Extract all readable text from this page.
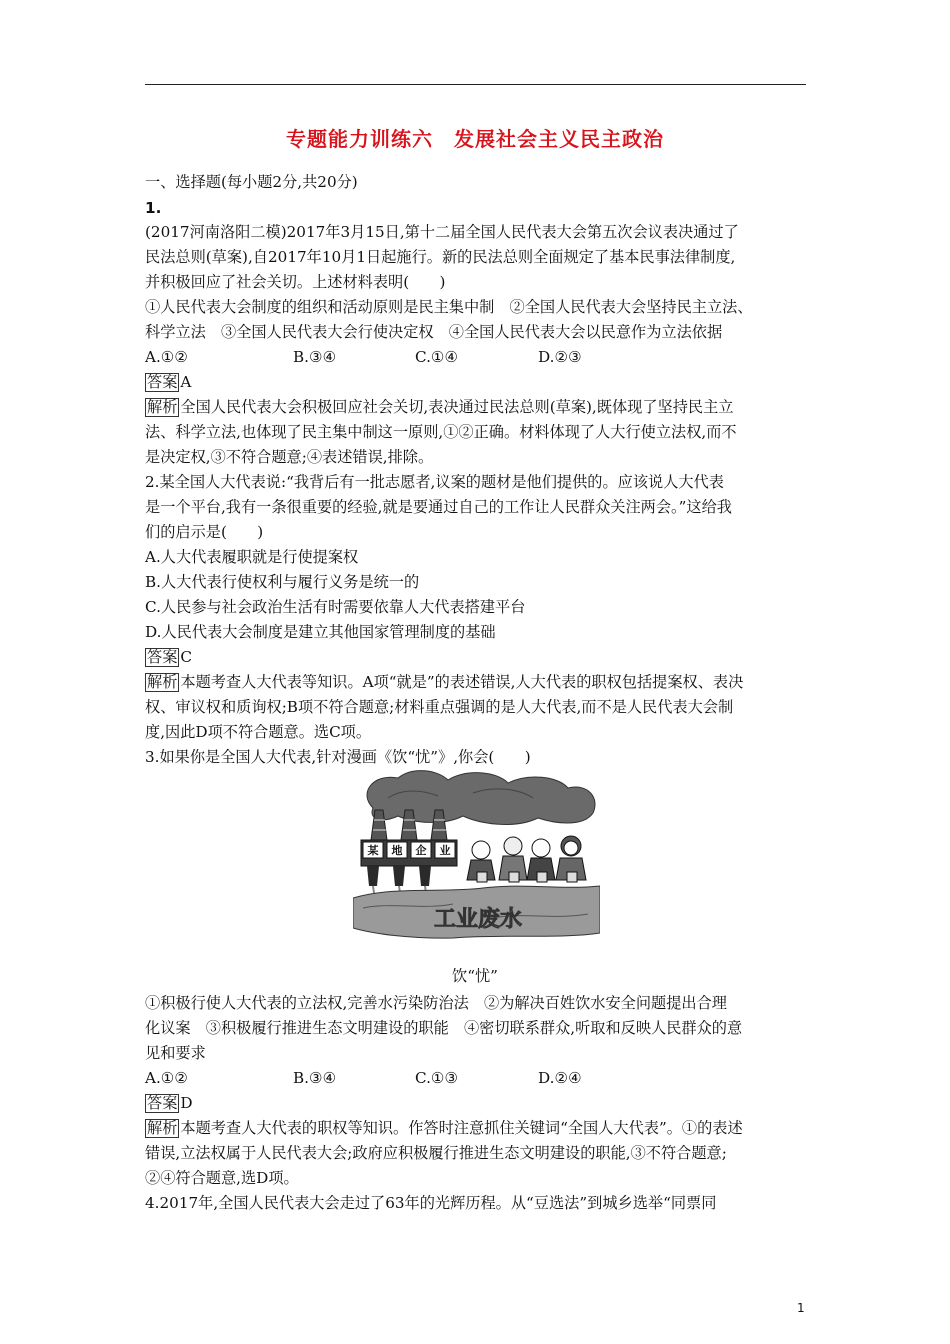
专题能力训练六　发展社会主义民主政治
一、选择题(每小题2分,共20分)
1.
(2017河南洛阳二模)2017年3月15日,第十二届全国人民代表大会第五次会议表决通过了
民法总则(草案),自2017年10月1日起施行。新的民法总则全面规定了基本民事法律制度,
并积极回应了社会关切。上述材料表明(　　)
①人民代表大会制度的组织和活动原则是民主集中制　②全国人民代表大会坚持民主立法、
科学立法　③全国人民代表大会行使决定权　④全国人民代表大会以民意作为立法依据
A.①②	B.③④	C.①④	D.②③
答案 A
解析 全国人民代表大会积极回应社会关切,表决通过民法总则(草案),既体现了坚持民主立
法、科学立法,也体现了民主集中制这一原则,①②正确。材料体现了人大行使立法权,而不
是决定权,③不符合题意;④表述错误,排除。
2.某全国人大代表说:“我背后有一批志愿者,议案的题材是他们提供的。应该说人大代表
是一个平台,我有一条很重要的经验,就是要通过自己的工作让人民群众关注两会。”这给我
们的启示是(　　)
A.人大代表履职就是行使提案权
B.人大代表行使权利与履行义务是统一的
C.人民参与社会政治生活有时需要依靠人大代表搭建平台
D.人民代表大会制度是建立其他国家管理制度的基础
答案 C
解析 本题考查人大代表等知识。A项“就是”的表述错误,人大代表的职权包括提案权、表决
权、审议权和质询权;B项不符合题意;材料重点强调的是人大代表,而不是人民代表大会制
度,因此D项不符合题意。选C项。
3.如果你是全国人大代表,针对漫画《饮“忧”》,你会(　　)
某 地 企 业
工业废水
饮“忧”
①积极行使人大代表的立法权,完善水污染防治法　②为解决百姓饮水安全问题提出合理
化议案　③积极履行推进生态文明建设的职能　④密切联系群众,听取和反映人民群众的意
见和要求
A.①②	B.③④	C.①③	D.②④
答案 D
解析 本题考查人大代表的职权等知识。作答时注意抓住关键词“全国人大代表”。①的表述
错误,立法权属于人民代表大会;政府应积极履行推进生态文明建设的职能,③不符合题意;
②④符合题意,选D项。
4.2017年,全国人民代表大会走过了63年的光辉历程。从“豆选法”到城乡选举“同票同
1
